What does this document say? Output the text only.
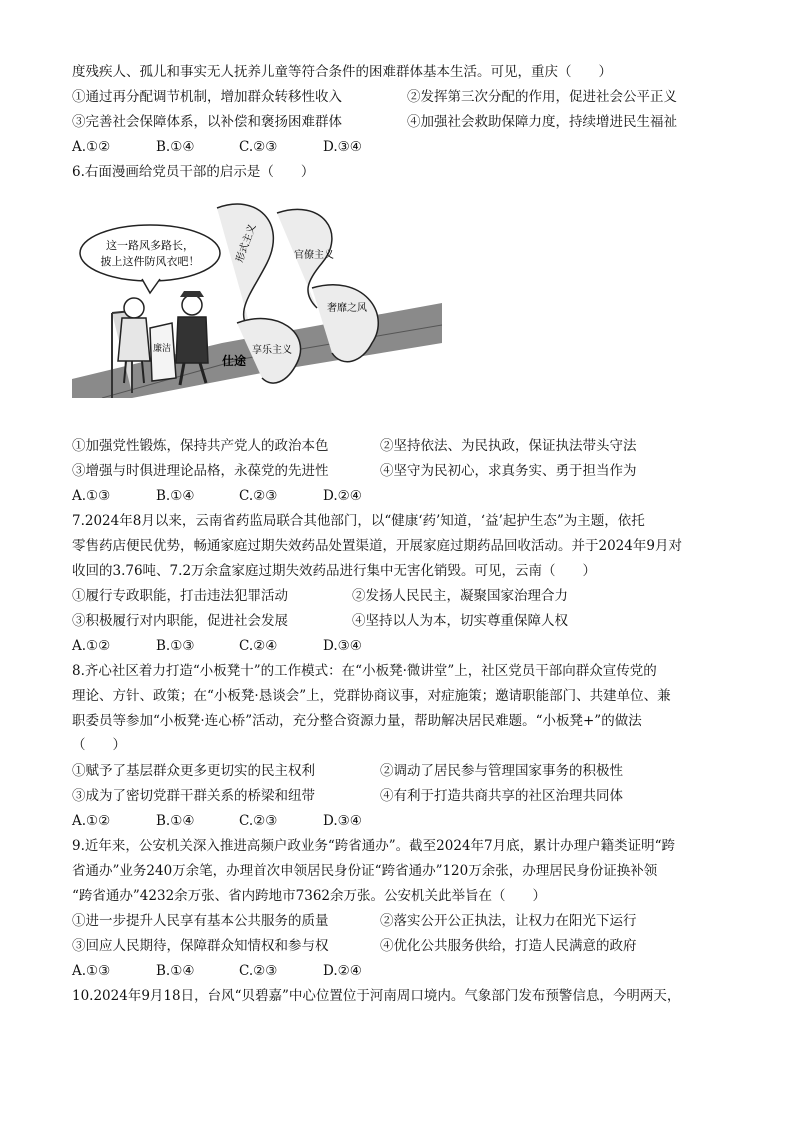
度残疾人、孤儿和事实无人抚养儿童等符合条件的困难群体基本生活。可见，重庆（　　）
①通过再分配调节机制，增加群众转移性收入	②发挥第三次分配的作用，促进社会公平正义
③完善社会保障体系，以补偿和褒扬困难群体	④加强社会救助保障力度，持续增进民生福祉
A.①②	B.①④	C.②③	D.③④
6.右面漫画给党员干部的启示是（　　）
这一路风多路长，
披上这件防风衣吧！
廉洁
仕途
形式主义	官僚主义
享乐主义
奢靡之风
①加强党性锻炼，保持共产党人的政治本色	②坚持依法、为民执政，保证执法带头守法
③增强与时俱进理论品格，永葆党的先进性	④坚守为民初心，求真务实、勇于担当作为
A.①③	B.①④	C.②③	D.②④
7.2024年8月以来，云南省药监局联合其他部门，以“健康‘药’知道，‘益’起护生态”为主题，依托
零售药店便民优势，畅通家庭过期失效药品处置渠道，开展家庭过期药品回收活动。并于2024年9月对
收回的3.76吨、7.2万余盒家庭过期失效药品进行集中无害化销毁。可见，云南（　　）
①履行专政职能，打击违法犯罪活动	②发扬人民民主，凝聚国家治理合力
③积极履行对内职能，促进社会发展	④坚持以人为本，切实尊重保障人权
A.①②	B.①③	C.②④	D.③④
8.齐心社区着力打造“小板凳十”的工作模式：在“小板凳·微讲堂”上，社区党员干部向群众宣传党的
理论、方针、政策；在“小板凳·恳谈会”上，党群协商议事，对症施策；邀请职能部门、共建单位、兼
职委员等参加“小板凳·连心桥”活动，充分整合资源力量，帮助解决居民难题。“小板凳+”的做法
（　　）
①赋予了基层群众更多更切实的民主权利	②调动了居民参与管理国家事务的积极性
③成为了密切党群干群关系的桥梁和纽带	④有利于打造共商共享的社区治理共同体
A.①②	B.①④	C.②③	D.③④
9.近年来，公安机关深入推进高频户政业务“跨省通办”。截至2024年7月底，累计办理户籍类证明“跨
省通办”业务240万余笔，办理首次申领居民身份证“跨省通办”120万余张，办理居民身份证换补领
“跨省通办”4232余万张、省内跨地市7362余万张。公安机关此举旨在（　　）
①进一步提升人民享有基本公共服务的质量	②落实公开公正执法，让权力在阳光下运行
③回应人民期待，保障群众知情权和参与权	④优化公共服务供给，打造人民满意的政府
A.①③	B.①④	C.②③	D.②④
10.2024年9月18日，台风“贝碧嘉”中心位置位于河南周口境内。气象部门发布预警信息，今明两天，
